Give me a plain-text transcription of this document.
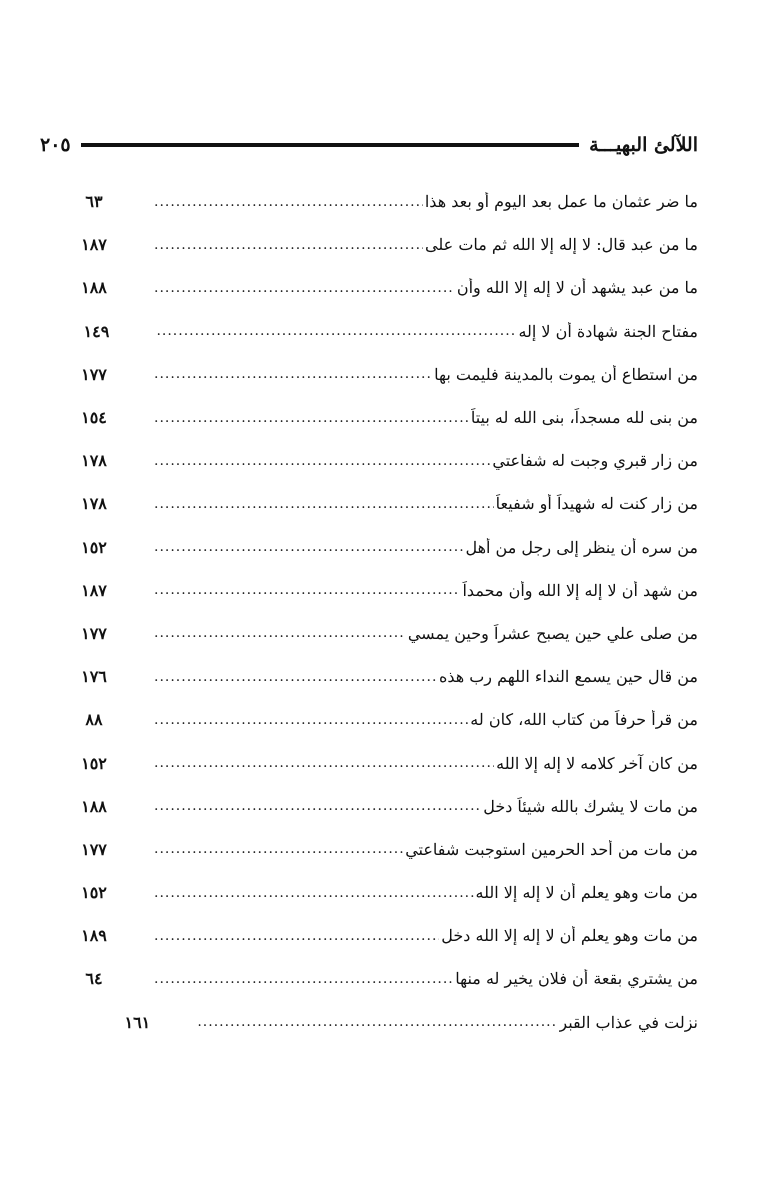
اللآلئ البهيـــة
٢٠٥
ما ضر عثمان ما عمل بعد اليوم أو بعد هذا
.....
٦٣
ما من عبد قال: لا إله إلا الله ثم مات على
.....
١٨٧
ما من عبد يشهد أن لا إله إلا الله وأن
.....
١٨٨
مفتاح الجنة شهادة أن لا إله
.....
١٤٩
من استطاع أن يموت بالمدينة فليمت بها
.....
١٧٧
من بنى لله مسجداً، بنى الله له بيتاً
.....
١٥٤
من زار قبري وجبت له شفاعتي
.....
١٧٨
من زار كنت له شهيداً أو شفيعاً
.....
١٧٨
من سره أن ينظر إلى رجل من أهل
.....
١٥٢
من شهد أن لا إله إلا الله وأن محمداً
.....
١٨٧
من صلى علي حين يصبح عشراً وحين يمسي
.....
١٧٧
من قال حين يسمع النداء اللهم رب هذه
.....
١٧٦
من قرأ حرفاً من كتاب الله، كان له
.....
٨٨
من كان آخر كلامه لا إله إلا الله
.....
١٥٢
من مات لا يشرك بالله شيئاً دخل
.....
١٨٨
من مات من أحد الحرمين استوجبت شفاعتي
.....
١٧٧
من مات وهو يعلم أن لا إله إلا الله
.....
١٥٢
من مات وهو يعلم أن لا إله إلا الله دخل
.....
١٨٩
من يشتري بقعة أن فلان يخير له منها
.....
٦٤
نزلت في عذاب القبر
.....
١٦١
